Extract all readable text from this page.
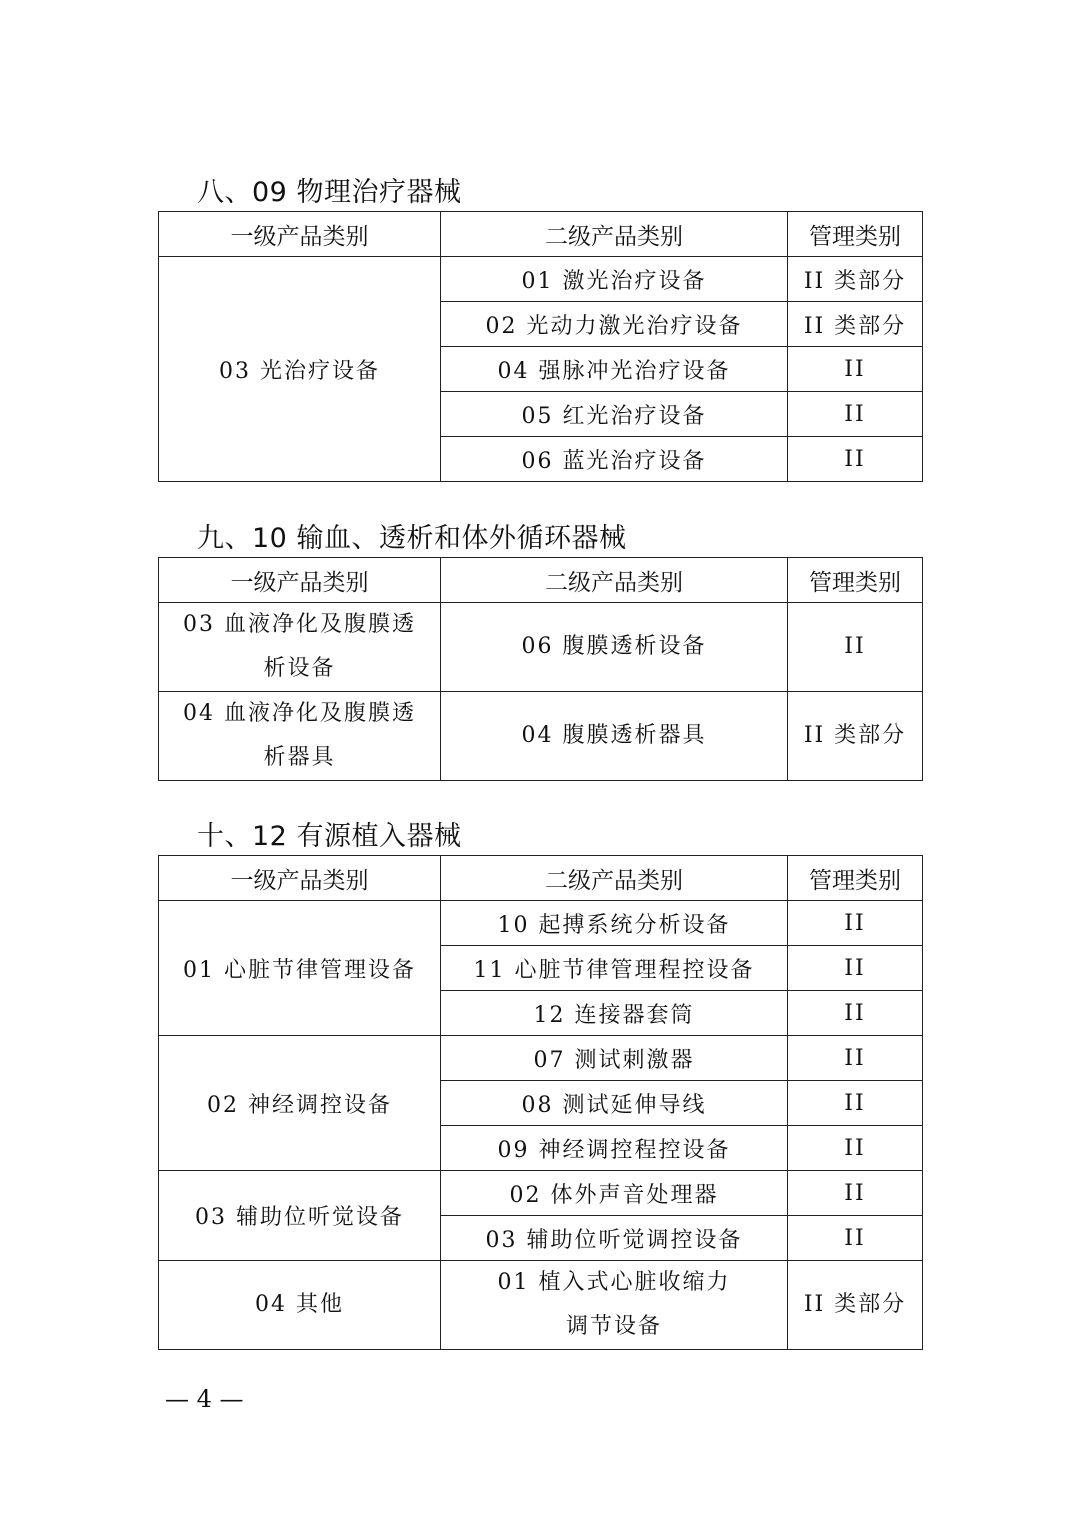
八、09 物理治疗器械
一级产品类别	二级产品类别	管理类别
03 光治疗设备	01 激光治疗设备	II 类部分
	02 光动力激光治疗设备	II 类部分
	04 强脉冲光治疗设备	II
	05 红光治疗设备	II
	06 蓝光治疗设备	II
九、10 输血、透析和体外循环器械
一级产品类别	二级产品类别	管理类别
03 血液净化及腹膜透析设备	06 腹膜透析设备	II
04 血液净化及腹膜透析器具	04 腹膜透析器具	II 类部分
十、12 有源植入器械
一级产品类别	二级产品类别	管理类别
01 心脏节律管理设备	10 起搏系统分析设备	II
	11 心脏节律管理程控设备	II
	12 连接器套筒	II
02 神经调控设备	07 测试刺激器	II
	08 测试延伸导线	II
	09 神经调控程控设备	II
03 辅助位听觉设备	02 体外声音处理器	II
	03 辅助位听觉调控设备	II
04 其他	01 植入式心脏收缩力调节设备	II 类部分
— 4 —
